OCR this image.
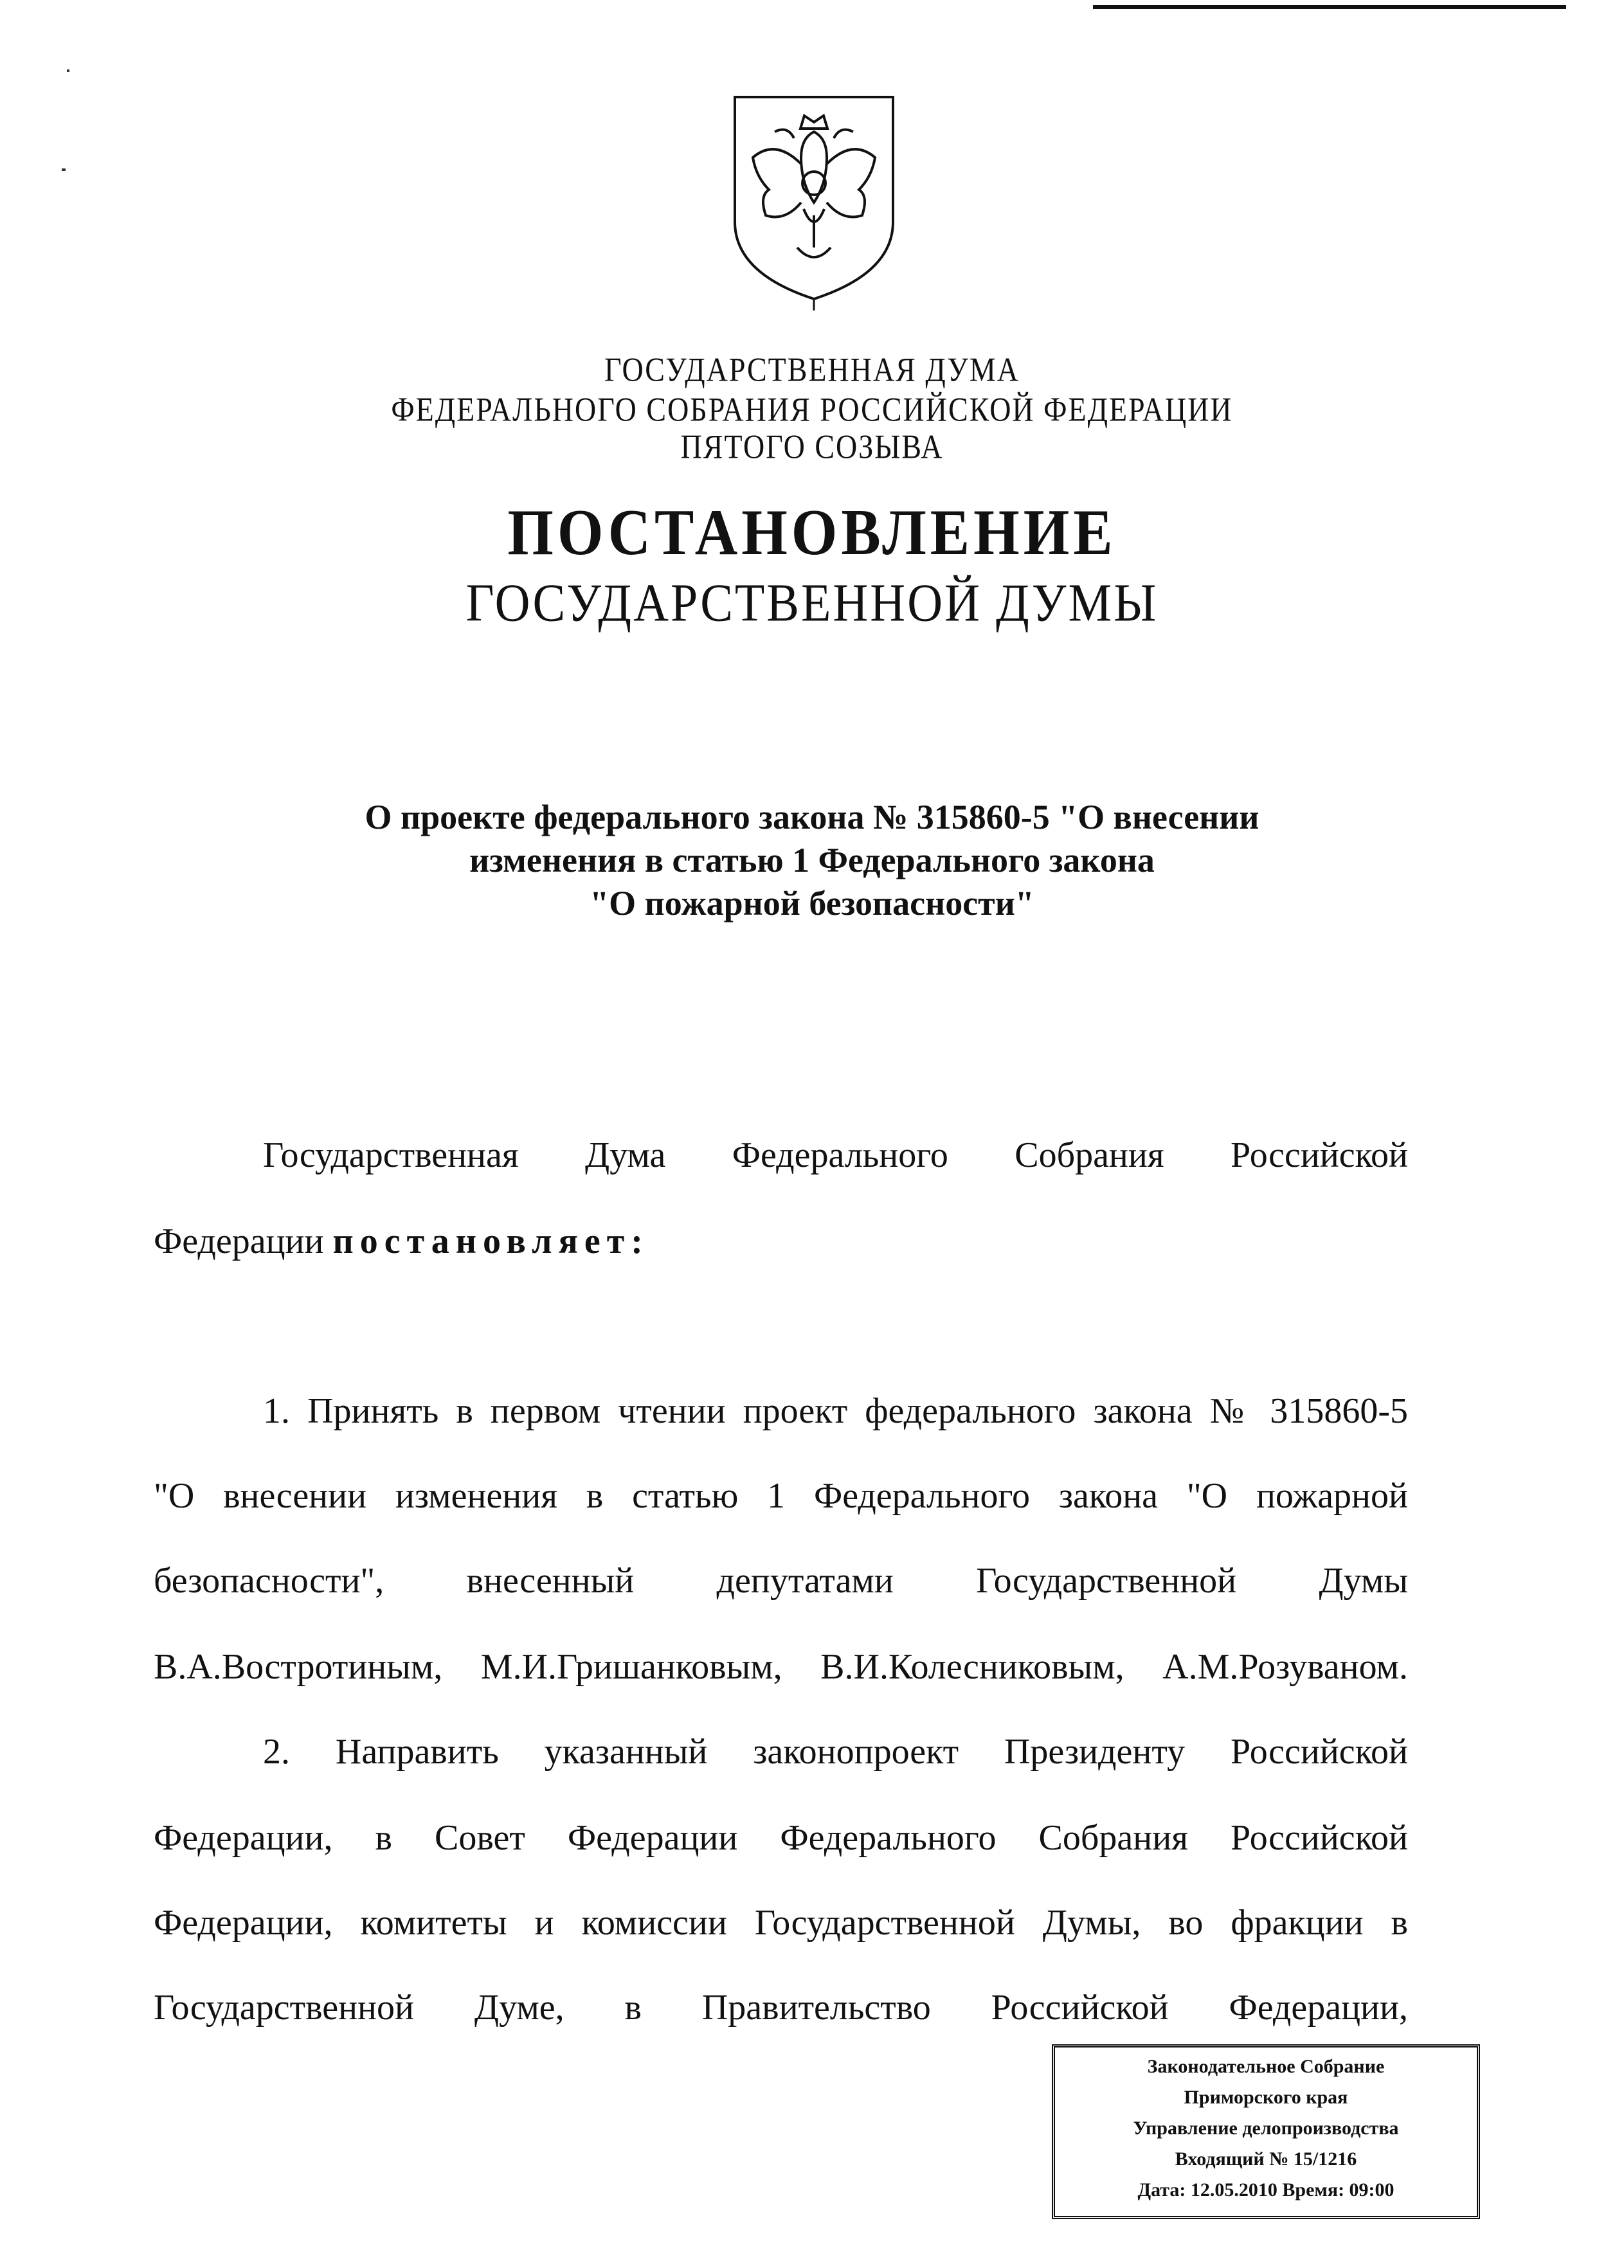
ГОСУДАРСТВЕННАЯ ДУМА
ФЕДЕРАЛЬНОГО СОБРАНИЯ РОССИЙСКОЙ ФЕДЕРАЦИИ
ПЯТОГО СОЗЫВА
ПОСТАНОВЛЕНИЕ
ГОСУДАРСТВЕННОЙ ДУМЫ
О проекте федерального закона № 315860-5 "О внесении
изменения в статью 1 Федерального закона
"О пожарной безопасности"
Государственная Дума Федерального Собрания Российской
Федерации постановляет:
1. Принять в первом чтении проект федерального закона № 315860-5
"О внесении изменения в статью 1 Федерального закона "О пожарной
безопасности", внесенный депутатами Государственной Думы
В.А.Востротиным, М.И.Гришанковым, В.И.Колесниковым, А.М.Розуваном.
2. Направить указанный законопроект Президенту Российской
Федерации, в Совет Федерации Федерального Собрания Российской
Федерации, комитеты и комиссии Государственной Думы, во фракции в
Государственной Думе, в Правительство Российской Федерации,
Законодательное Собрание
Приморского края
Управление делопроизводства
Входящий № 15/1216
Дата: 12.05.2010 Время: 09:00
